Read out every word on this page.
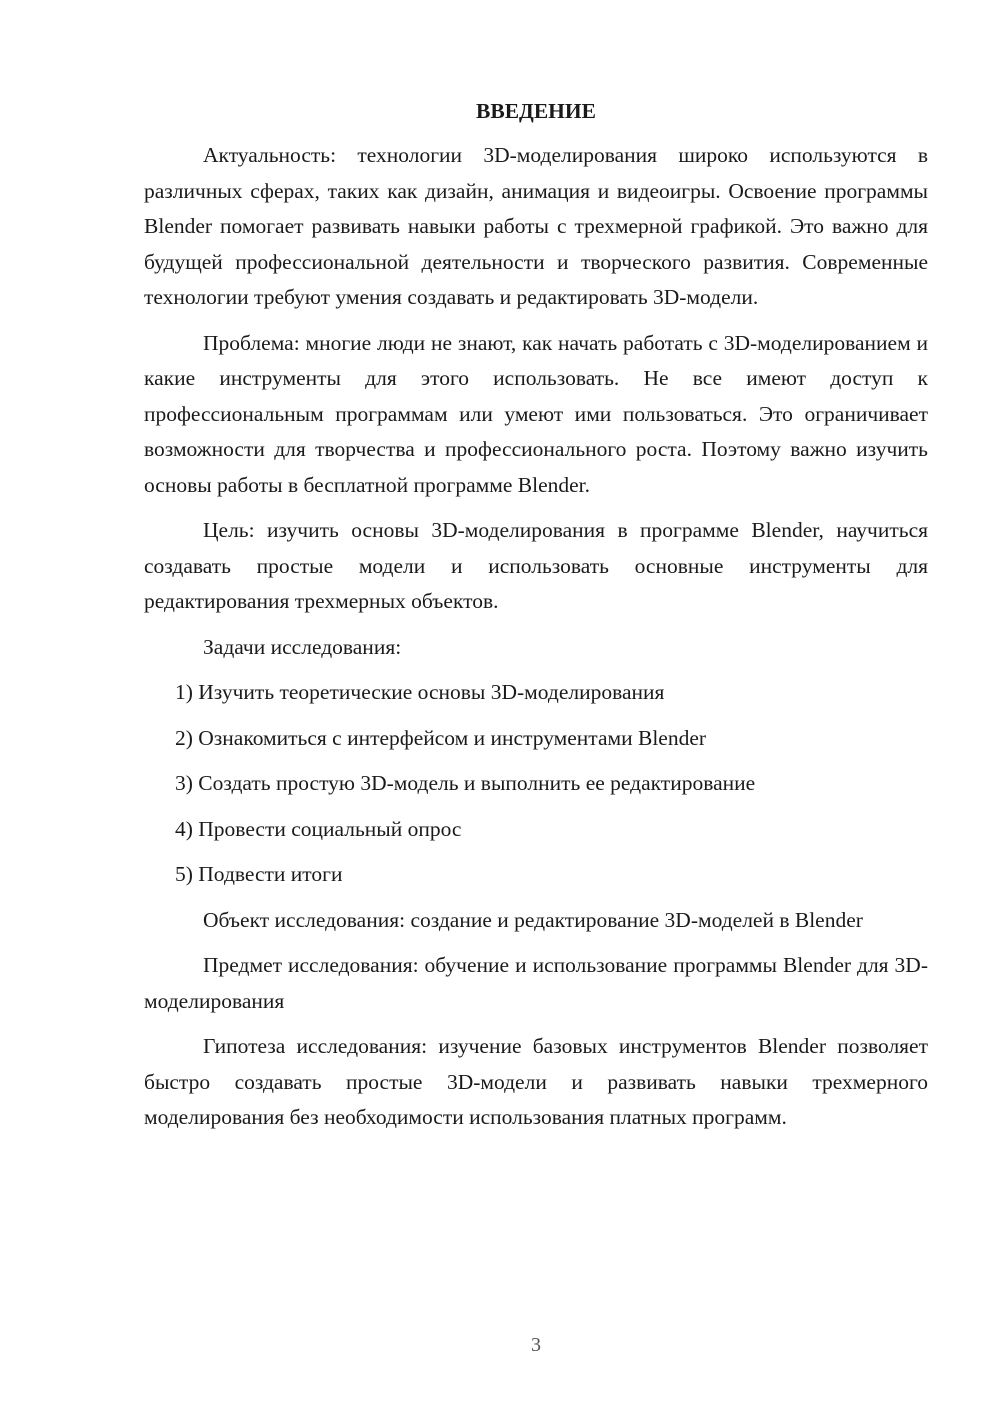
ВВЕДЕНИЕ

Актуальность: технологии 3D-моделирования широко используются в различных сферах, таких как дизайн, анимация и видеоигры. Освоение программы Blender помогает развивать навыки работы с трехмерной графикой. Это важно для будущей профессиональной деятельности и творческого развития. Современные технологии требуют умения создавать и редактировать 3D-модели.

Проблема: многие люди не знают, как начать работать с 3D-моделированием и какие инструменты для этого использовать. Не все имеют доступ к профессиональным программам или умеют ими пользоваться. Это ограничивает возможности для творчества и профессионального роста. Поэтому важно изучить основы работы в бесплатной программе Blender.

Цель: изучить основы 3D-моделирования в программе Blender, научиться создавать простые модели и использовать основные инструменты для редактирования трехмерных объектов.

Задачи исследования:

1) Изучить теоретические основы 3D-моделирования
2) Ознакомиться с интерфейсом и инструментами Blender
3) Создать простую 3D-модель и выполнить ее редактирование
4) Провести социальный опрос
5) Подвести итоги

Объект исследования: создание и редактирование 3D-моделей в Blender

Предмет исследования: обучение и использование программы Blender для 3D-моделирования

Гипотеза исследования: изучение базовых инструментов Blender позволяет быстро создавать простые 3D-модели и развивать навыки трехмерного моделирования без необходимости использования платных программ.

3
